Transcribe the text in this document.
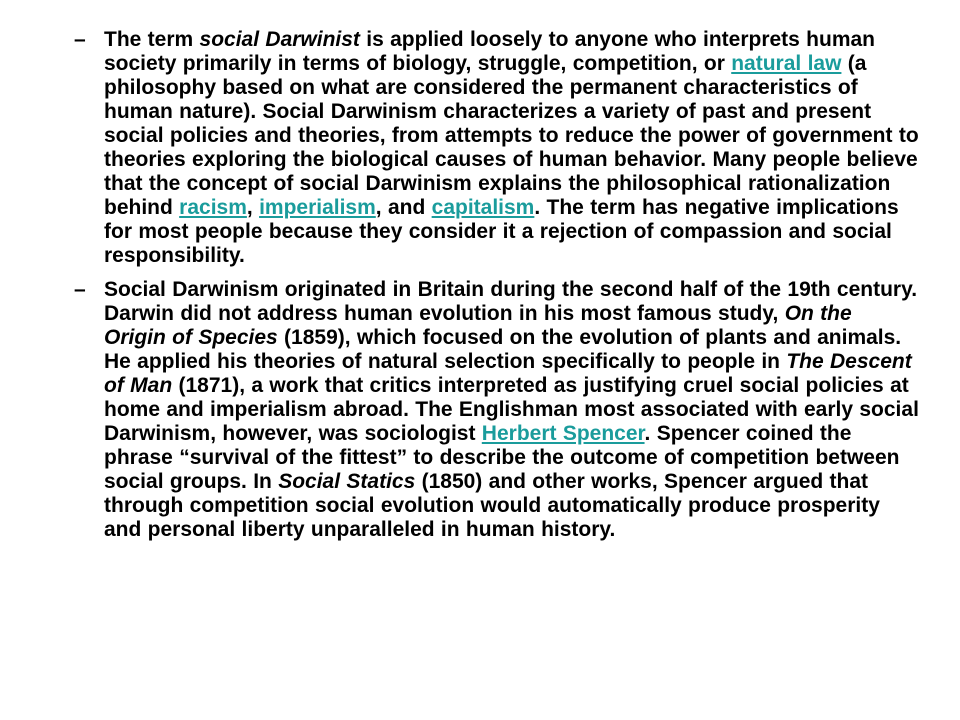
– The term social Darwinist is applied loosely to anyone who interprets human society primarily in terms of biology, struggle, competition, or natural law (a philosophy based on what are considered the permanent characteristics of human nature). Social Darwinism characterizes a variety of past and present social policies and theories, from attempts to reduce the power of government to theories exploring the biological causes of human behavior. Many people believe that the concept of social Darwinism explains the philosophical rationalization behind racism, imperialism, and capitalism. The term has negative implications for most people because they consider it a rejection of compassion and social responsibility.
– Social Darwinism originated in Britain during the second half of the 19th century. Darwin did not address human evolution in his most famous study, On the Origin of Species (1859), which focused on the evolution of plants and animals. He applied his theories of natural selection specifically to people in The Descent of Man (1871), a work that critics interpreted as justifying cruel social policies at home and imperialism abroad. The Englishman most associated with early social Darwinism, however, was sociologist Herbert Spencer. Spencer coined the phrase “survival of the fittest” to describe the outcome of competition between social groups. In Social Statics (1850) and other works, Spencer argued that through competition social evolution would automatically produce prosperity and personal liberty unparalleled in human history.
